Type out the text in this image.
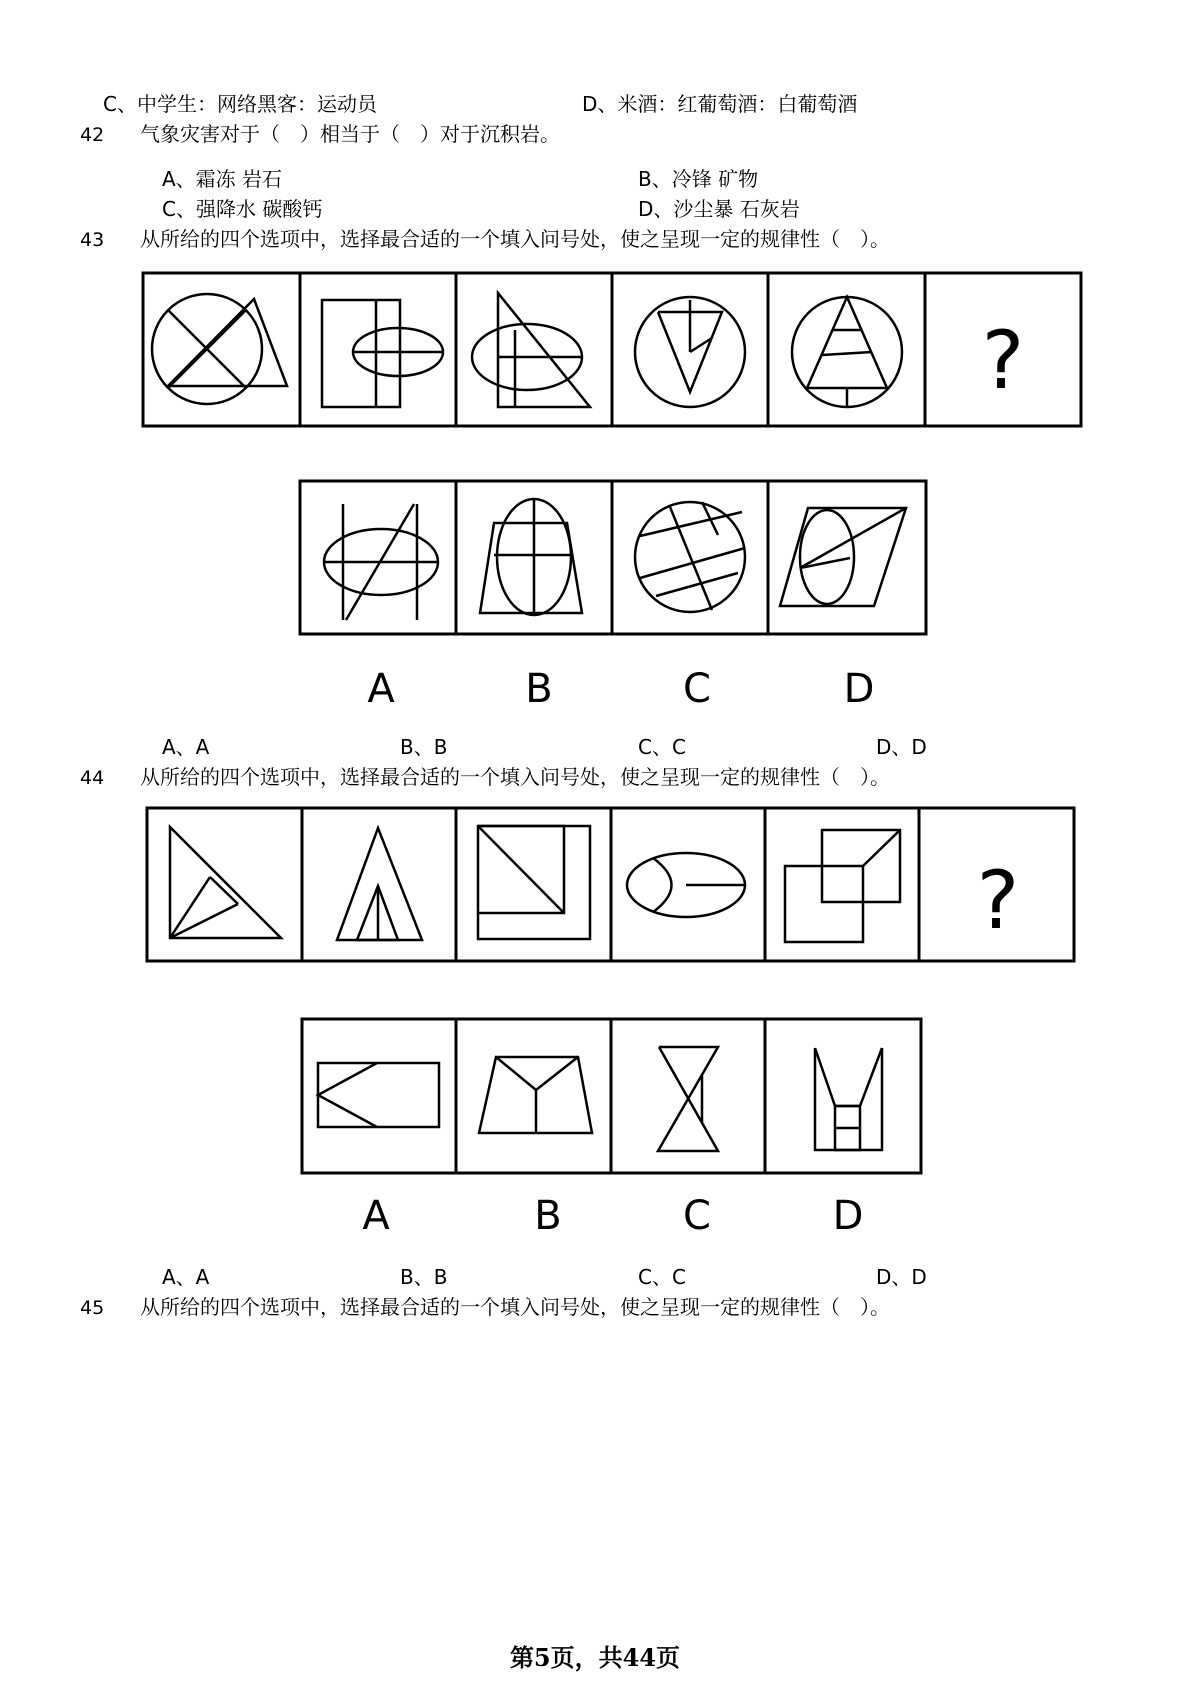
C、中学生：网络黑客：运动员	D、米酒：红葡萄酒：白葡萄酒
42 气象灾害对于（　）相当于（　）对于沉积岩。
A、霜冻 岩石	B、冷锋 矿物
C、强降水 碳酸钙	D、沙尘暴 石灰岩
43 从所给的四个选项中，选择最合适的一个填入问号处，使之呈现一定的规律性（　）。
?
?
A	B	C	D
A、A	B、B	C、C	D、D
44 从所给的四个选项中，选择最合适的一个填入问号处，使之呈现一定的规律性（　）。
A	B	C	D
A、A	B、B	C、C	D、D
45 从所给的四个选项中，选择最合适的一个填入问号处，使之呈现一定的规律性（　）。
第5页，共44页
